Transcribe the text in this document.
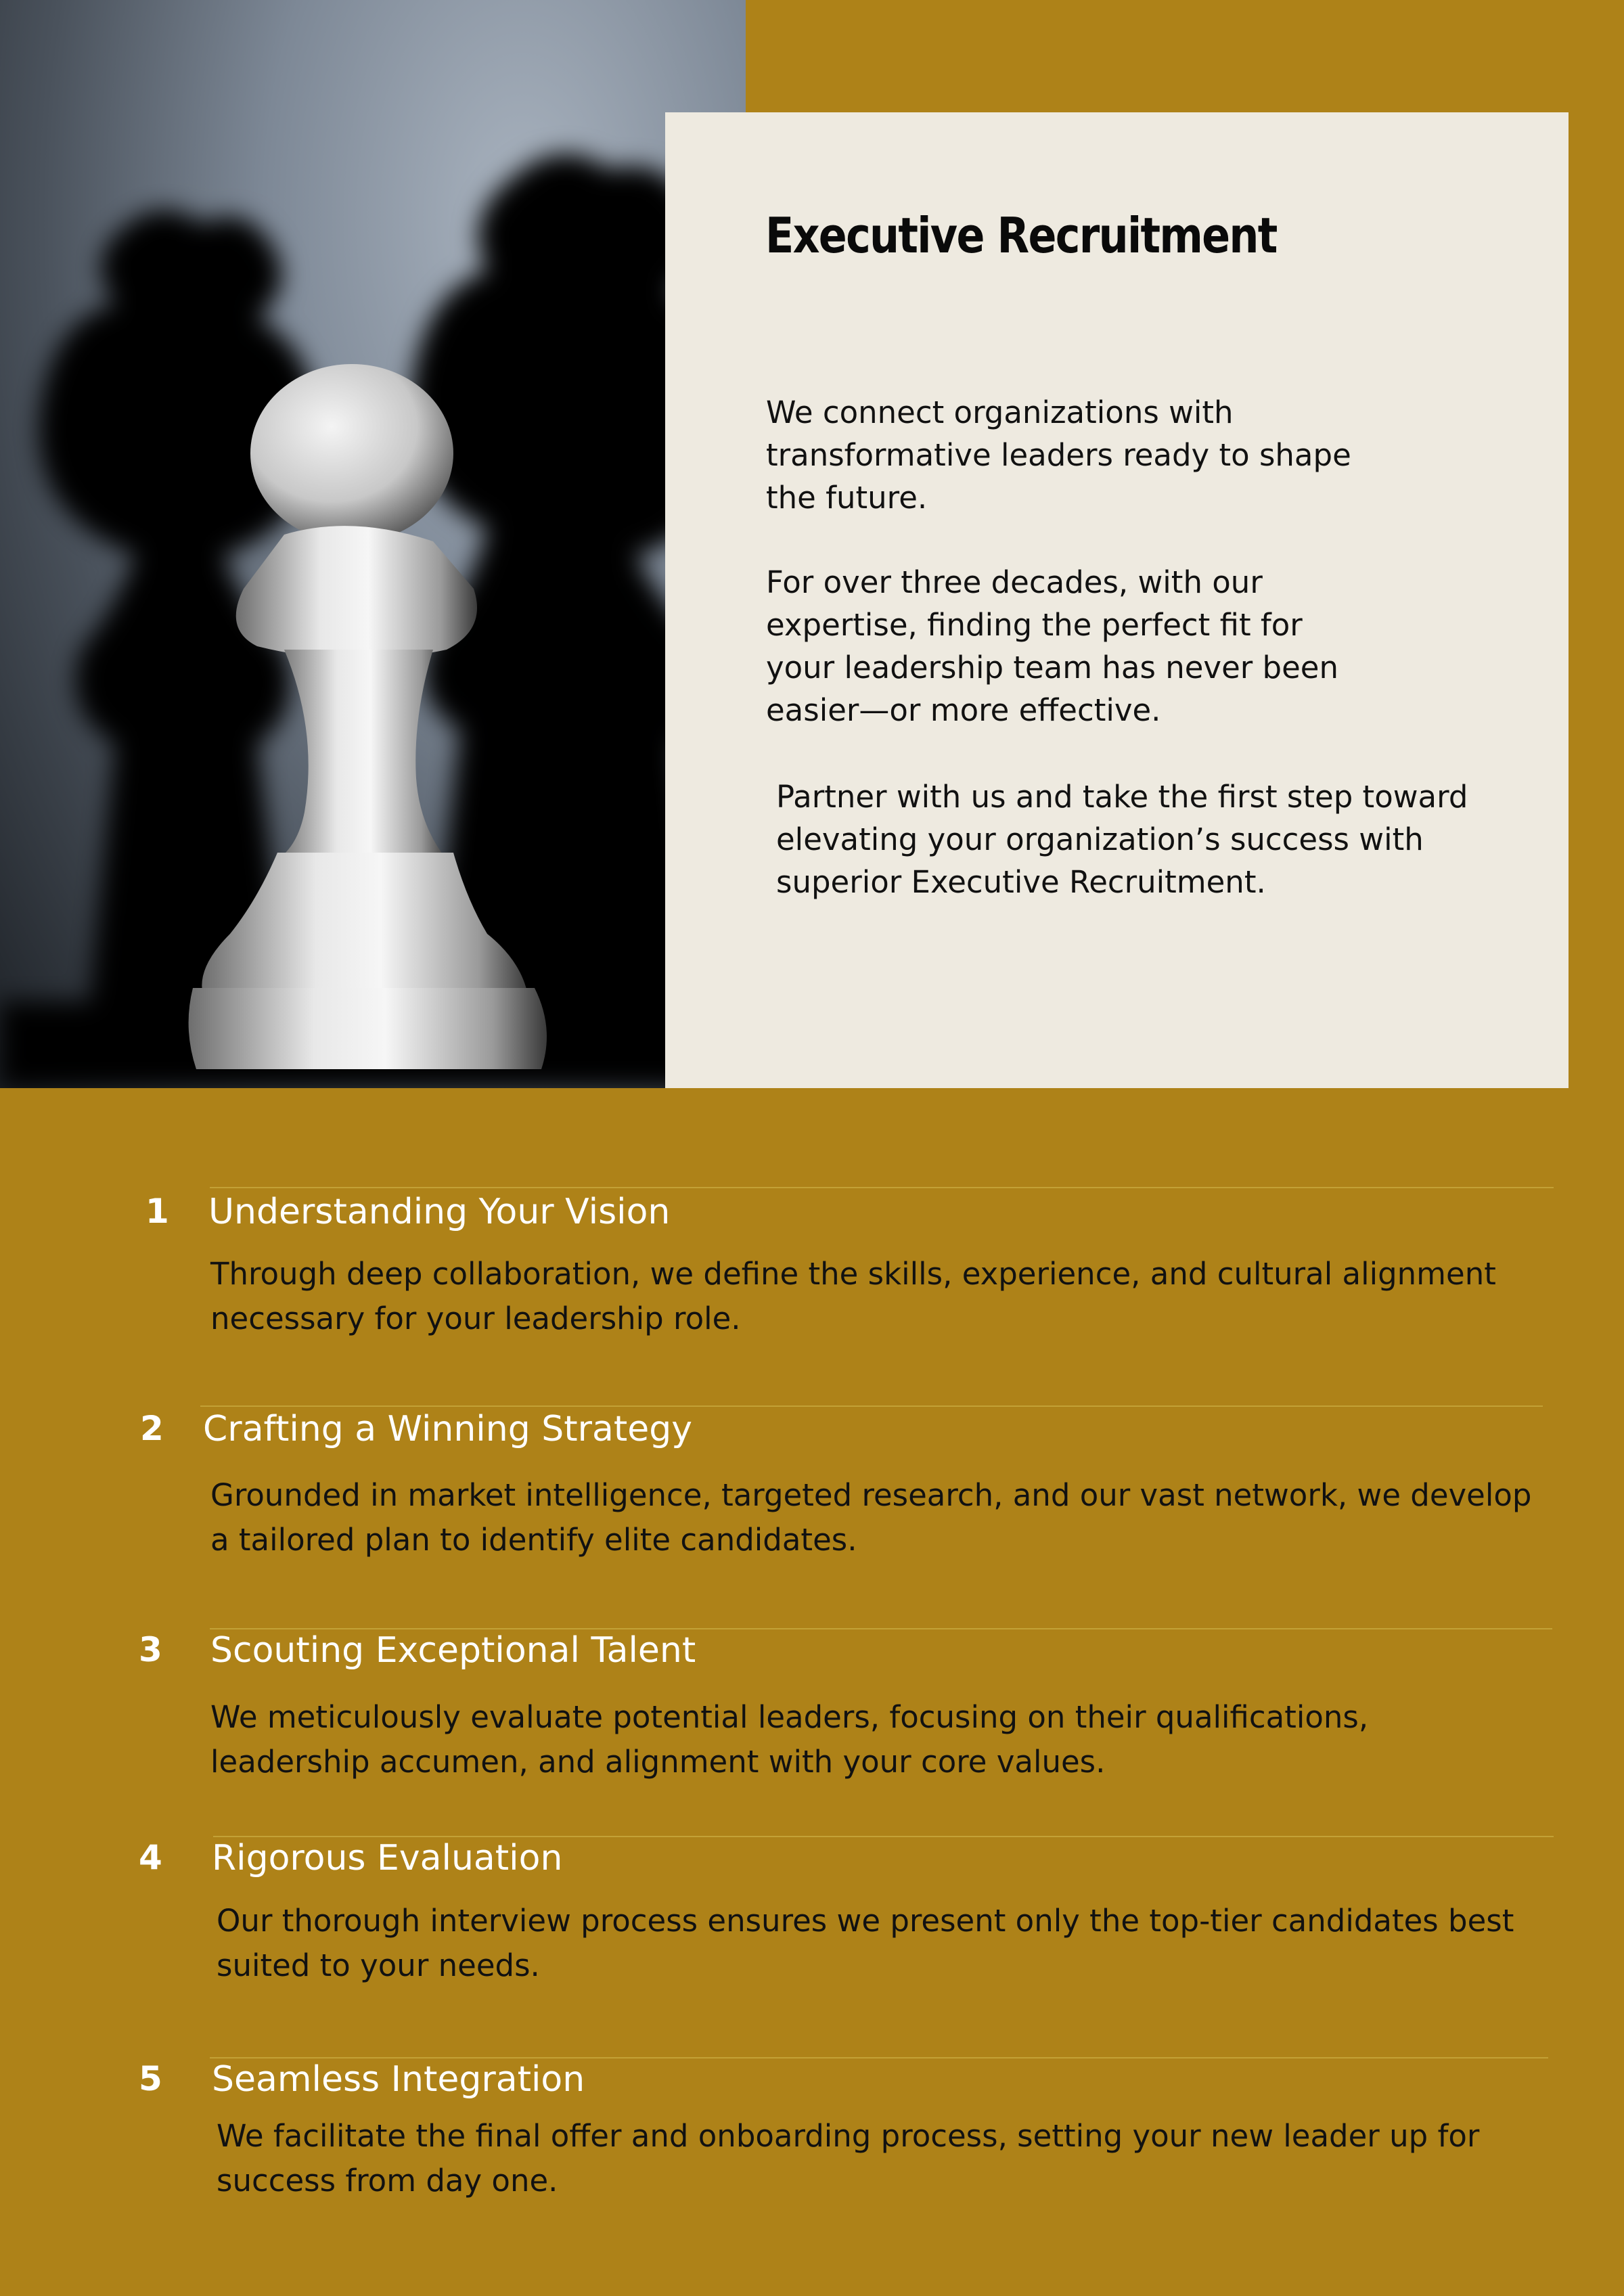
Executive Recruitment

We connect organizations with transformative leaders ready to shape the future.

For over three decades, with our expertise, finding the perfect fit for your leadership team has never been easier—or more effective.

Partner with us and take the first step toward elevating your organization’s success with superior Executive Recruitment.

1 Understanding Your Vision

Through deep collaboration, we define the skills, experience, and cultural alignment necessary for your leadership role.

2 Crafting a Winning Strategy

Grounded in market intelligence, targeted research, and our vast network, we develop a tailored plan to identify elite candidates.

3 Scouting Exceptional Talent

We meticulously evaluate potential leaders, focusing on their qualifications, leadership accumen, and alignment with your core values.

4 Rigorous Evaluation

Our thorough interview process ensures we present only the top-tier candidates best suited to your needs.

5 Seamless Integration

We facilitate the final offer and onboarding process, setting your new leader up for success from day one.
